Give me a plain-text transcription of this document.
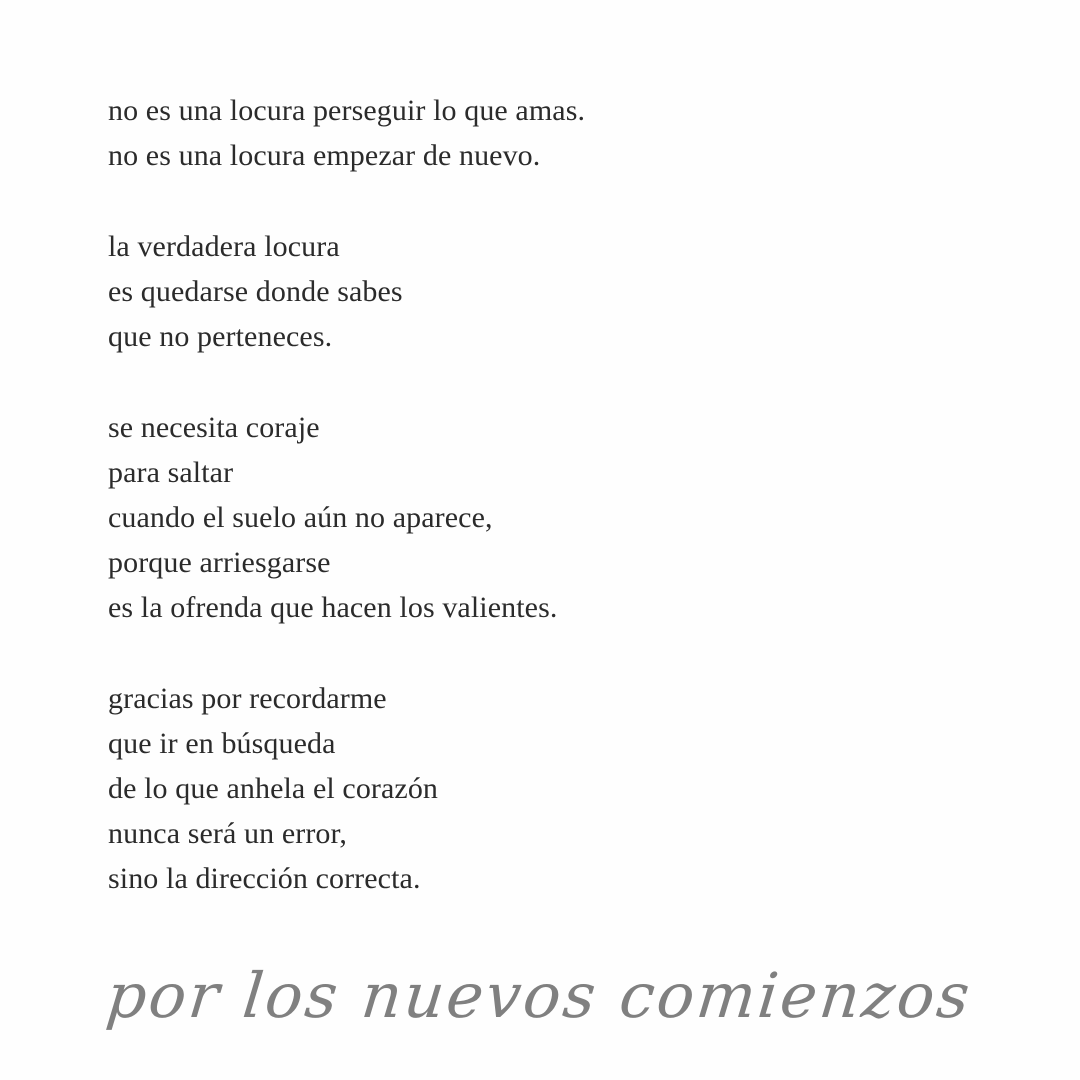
no es una locura perseguir lo que amas.
no es una locura empezar de nuevo.
la verdadera locura
es quedarse donde sabes
que no perteneces.
se necesita coraje
para saltar
cuando el suelo aún no aparece,
porque arriesgarse
es la ofrenda que hacen los valientes.
gracias por recordarme
que ir en búsqueda
de lo que anhela el corazón
nunca será un error,
sino la dirección correcta.
por los nuevos comienzos
